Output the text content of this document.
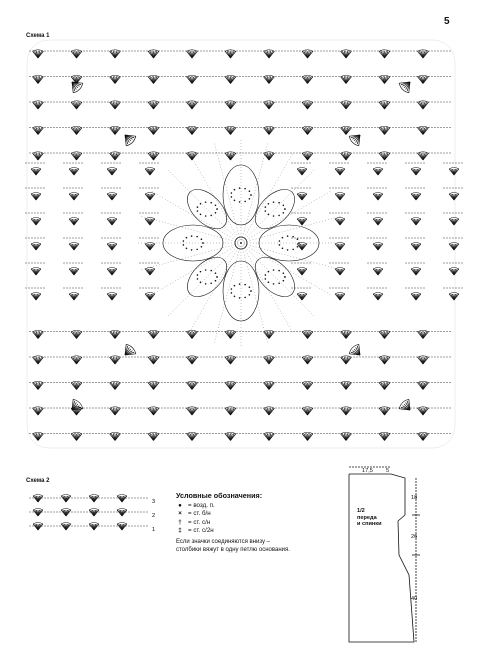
5
Схема 1
Схема 2
3
2
1
17,5 5
18
26
40
1/2
переда
и спинки
Условные обозначения:
● = возд. п.
× = ст. б/н
†	= ст. с/н
‡	= ст. с/2н
Если значки соединяются внизу –
столбики вяжут в одну петлю основания.
